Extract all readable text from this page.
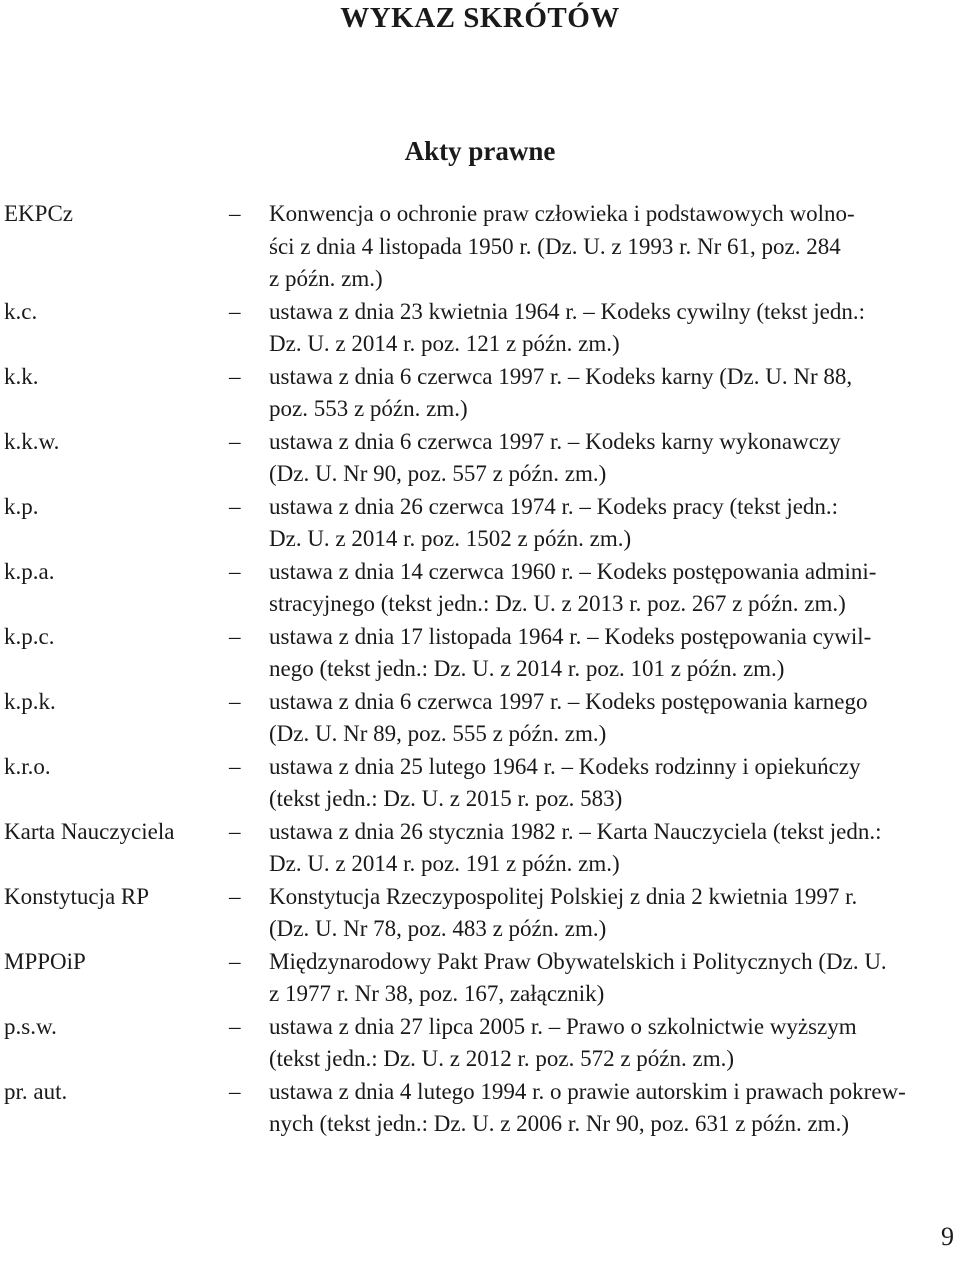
WYKAZ SKRÓTÓW
Akty prawne
EKPCz	–	Konwencja o ochronie praw człowieka i podstawowych wolno-
ści z dnia 4 listopada 1950 r. (Dz. U. z 1993 r. Nr 61, poz. 284
z późn. zm.)
k.c.	–	ustawa z dnia 23 kwietnia 1964 r. – Kodeks cywilny (tekst jedn.:
Dz. U. z 2014 r. poz. 121 z późn. zm.)
k.k.	–	ustawa z dnia 6 czerwca 1997 r. – Kodeks karny (Dz. U. Nr 88,
poz. 553 z późn. zm.)
k.k.w.	–	ustawa z dnia 6 czerwca 1997 r. – Kodeks karny wykonawczy
(Dz. U. Nr 90, poz. 557 z późn. zm.)
k.p.	–	ustawa z dnia 26 czerwca 1974 r. – Kodeks pracy (tekst jedn.:
Dz. U. z 2014 r. poz. 1502 z późn. zm.)
k.p.a.	–	ustawa z dnia 14 czerwca 1960 r. – Kodeks postępowania admini-
stracyjnego (tekst jedn.: Dz. U. z 2013 r. poz. 267 z późn. zm.)
k.p.c.	–	ustawa z dnia 17 listopada 1964 r. – Kodeks postępowania cywil-
nego (tekst jedn.: Dz. U. z 2014 r. poz. 101 z późn. zm.)
k.p.k.	–	ustawa z dnia 6 czerwca 1997 r. – Kodeks postępowania karnego
(Dz. U. Nr 89, poz. 555 z późn. zm.)
k.r.o.	–	ustawa z dnia 25 lutego 1964 r. – Kodeks rodzinny i opiekuńczy
(tekst jedn.: Dz. U. z 2015 r. poz. 583)
Karta Nauczyciela	–	ustawa z dnia 26 stycznia 1982 r. – Karta Nauczyciela (tekst jedn.:
Dz. U. z 2014 r. poz. 191 z późn. zm.)
Konstytucja RP	–	Konstytucja Rzeczypospolitej Polskiej z dnia 2 kwietnia 1997 r.
(Dz. U. Nr 78, poz. 483 z późn. zm.)
MPPOiP	–	Międzynarodowy Pakt Praw Obywatelskich i Politycznych (Dz. U.
z 1977 r. Nr 38, poz. 167, załącznik)
p.s.w.	–	ustawa z dnia 27 lipca 2005 r. – Prawo o szkolnictwie wyższym
(tekst jedn.: Dz. U. z 2012 r. poz. 572 z późn. zm.)
pr. aut.	–	ustawa z dnia 4 lutego 1994 r. o prawie autorskim i prawach pokrew-
nych (tekst jedn.: Dz. U. z 2006 r. Nr 90, poz. 631 z późn. zm.)
9
